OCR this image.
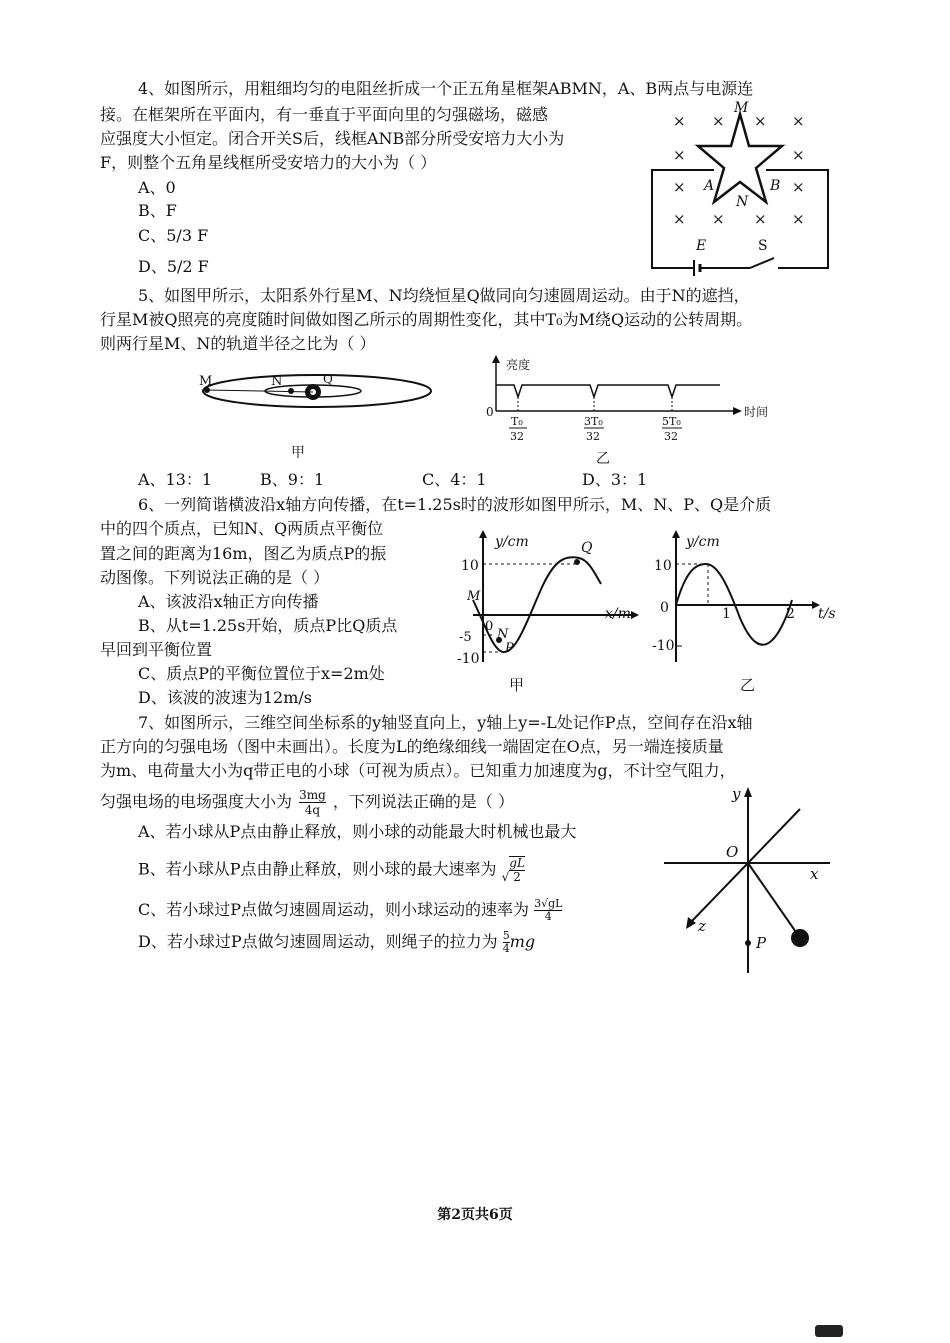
4、如图所示，用粗细均匀的电阻丝折成一个正五角星框架ABMN，A、B两点与电源连
接。在框架所在平面内，有一垂直于平面向里的匀强磁场，磁感
应强度大小恒定。闭合开关S后，线框ANB部分所受安培力大小为
F，则整个五角星线框所受安培力的大小为（ ）
A、0
B、F
C、5/3 F
D、5/2 F
× × × ×
×	×
×	×
× × × ×
M
A	B
N
E	S
5、如图甲所示，太阳系外行星M、N均绕恒星Q做同向匀速圆周运动。由于N的遮挡，
行星M被Q照亮的亮度随时间做如图乙所示的周期性变化，其中T₀为M绕Q运动的公转周期。
则两行星M、N的轨道半径之比为（ ）
M	N	Q
甲
亮度
时间
0
T₀
32
3T₀
32
5T₀
32
乙
A、13：1	B、9：1	C、4：1	D、3：1
6、一列简谐横波沿x轴方向传播，在t=1.25s时的波形如图甲所示，M、N、P、Q是介质
中的四个质点，已知N、Q两质点平衡位
置之间的距离为16m，图乙为质点P的振
动图像。下列说法正确的是（ ）
A、该波沿x轴正方向传播
B、从t=1.25s开始，质点P比Q质点
早回到平衡位置
C、质点P的平衡位置位于x=2m处
D、该波的波速为12m/s
y/cm
x/m
10
-5
-10
0
M
N
P
Q
甲
y/cm
t/s
10
-10
0	1	2
乙
7、如图所示，三维空间坐标系的y轴竖直向上，y轴上y=-L处记作P点，空间存在沿x轴
正方向的匀强电场（图中未画出）。长度为L的绝缘细线一端固定在O点，另一端连接质量
为m、电荷量大小为q带正电的小球（可视为质点）。已知重力加速度为g，不计空气阻力，
匀强电场的电场强度大小为 $\frac{3mg}{4q}$ ，下列说法正确的是（ ）
A、若小球从P点由静止释放，则小球的动能最大时机械也最大
B、若小球从P点由静止释放，则小球的最大速率为 √ $\frac{gL}{2}$
C、若小球过P点做匀速圆周运动，则小球运动的速率为 $\frac{3√gL}{4}$
D、若小球过P点做匀速圆周运动，则绳子的拉力为 $\frac{5}{4}$ mg
y
x
z
O
P
第2页共6页
